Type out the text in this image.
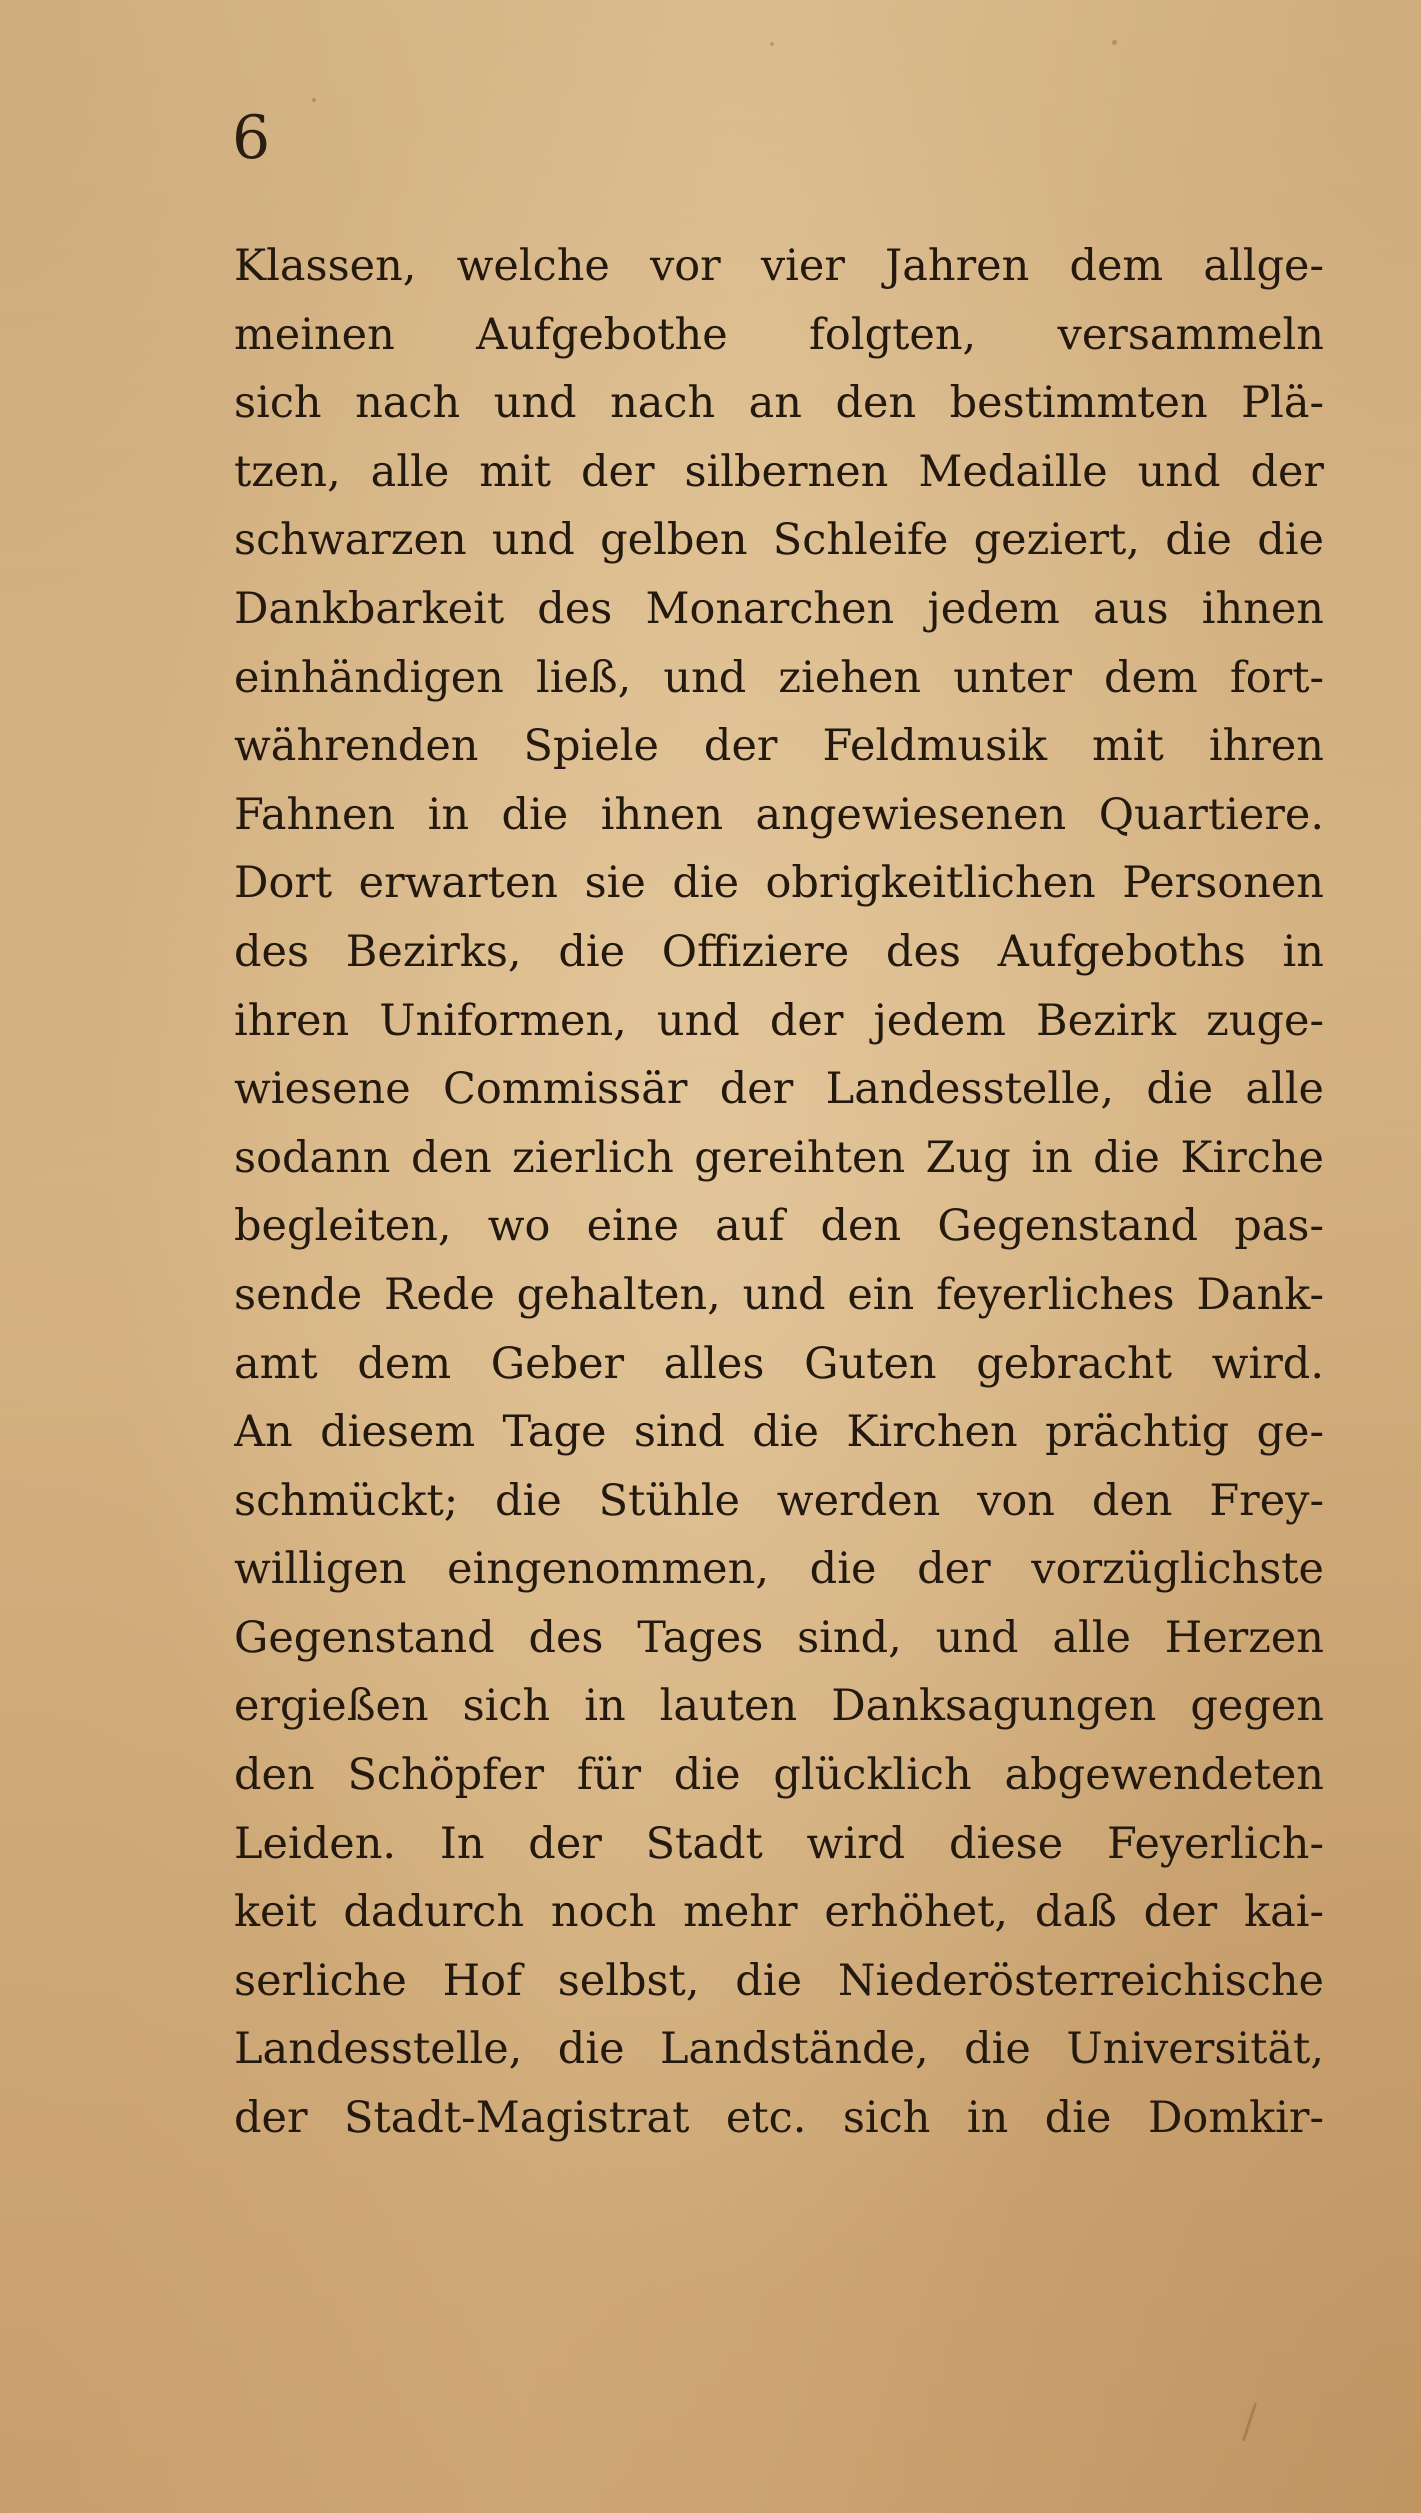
6

Klassen, welche vor vier Jahren dem allge-
meinen Aufgebothe folgten, versammeln
sich nach und nach an den bestimmten Plä-
tzen, alle mit der silbernen Medaille und der
schwarzen und gelben Schleife geziert, die die
Dankbarkeit des Monarchen jedem aus ihnen
einhändigen ließ, und ziehen unter dem fort-
währenden Spiele der Feldmusik mit ihren
Fahnen in die ihnen angewiesenen Quartiere.
Dort erwarten sie die obrigkeitlichen Personen
des Bezirks, die Offiziere des Aufgeboths in
ihren Uniformen, und der jedem Bezirk zuge-
wiesene Commissär der Landesstelle, die alle
sodann den zierlich gereihten Zug in die Kirche
begleiten, wo eine auf den Gegenstand pas-
sende Rede gehalten, und ein feyerliches Dank-
amt dem Geber alles Guten gebracht wird.
An diesem Tage sind die Kirchen prächtig ge-
schmückt; die Stühle werden von den Frey-
willigen eingenommen, die der vorzüglichste
Gegenstand des Tages sind, und alle Herzen
ergießen sich in lauten Danksagungen gegen
den Schöpfer für die glücklich abgewendeten
Leiden. In der Stadt wird diese Feyerlich-
keit dadurch noch mehr erhöhet, daß der kai-
serliche Hof selbst, die Niederösterreichische
Landesstelle, die Landstände, die Universität,
der Stadt-Magistrat etc. sich in die Domkir-
